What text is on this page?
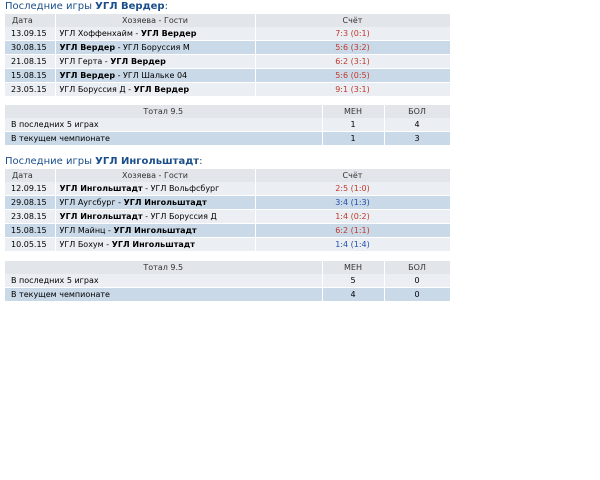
Последние игры УГЛ Вердер:
Дата	Хозяева - Гости	Счёт
13.09.15	УГЛ Хоффенхайм - УГЛ Вердер	7:3 (0:1)
30.08.15	УГЛ Вердер - УГЛ Боруссия М	5:6 (3:2)
21.08.15	УГЛ Герта - УГЛ Вердер	6:2 (3:1)
15.08.15	УГЛ Вердер - УГЛ Шальке 04	5:6 (0:5)
23.05.15	УГЛ Боруссия Д - УГЛ Вердер	9:1 (3:1)
Тотал 9.5	МЕН	БОЛ
В последних 5 играх	1	4
В текущем чемпионате	1	3
Последние игры УГЛ Ингольштадт:
Дата	Хозяева - Гости	Счёт
12.09.15	УГЛ Ингольштадт - УГЛ Вольфсбург	2:5 (1:0)
29.08.15	УГЛ Аугсбург - УГЛ Ингольштадт	3:4 (1:3)
23.08.15	УГЛ Ингольштадт - УГЛ Боруссия Д	1:4 (0:2)
15.08.15	УГЛ Майнц - УГЛ Ингольштадт	6:2 (1:1)
10.05.15	УГЛ Бохум - УГЛ Ингольштадт	1:4 (1:4)
Тотал 9.5	МЕН	БОЛ
В последних 5 играх	5	0
В текущем чемпионате	4	0
